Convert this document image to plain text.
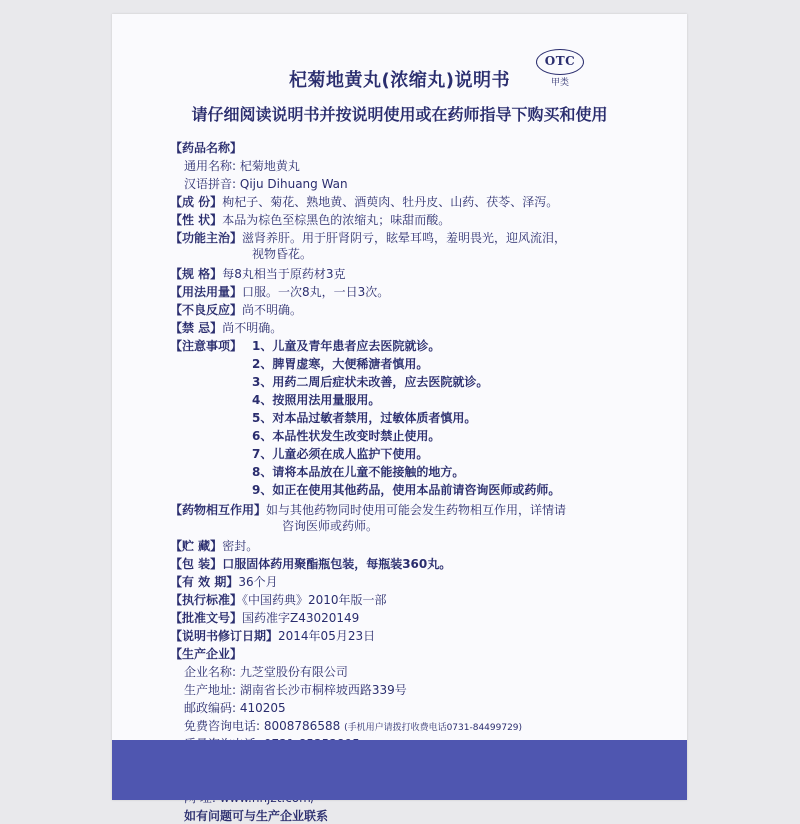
杞菊地黄丸(浓缩丸)说明书
OTC
甲类
请仔细阅读说明书并按说明使用或在药师指导下购买和使用
【药品名称】
通用名称: 杞菊地黄丸
汉语拼音: Qiju Dihuang Wan
【成 份】枸杞子、菊花、熟地黄、酒萸肉、牡丹皮、山药、茯苓、泽泻。
【性 状】本品为棕色至棕黑色的浓缩丸；味甜而酸。
【功能主治】滋肾养肝。用于肝肾阴亏，眩晕耳鸣，羞明畏光，迎风流泪，
视物昏花。
【规 格】每8丸相当于原药材3克
【用法用量】口服。一次8丸，一日3次。
【不良反应】尚不明确。
【禁 忌】尚不明确。
【注意事项】 1、儿童及青年患者应去医院就诊。
2、脾胃虚寒，大便稀溏者慎用。
3、用药二周后症状未改善，应去医院就诊。
4、按照用法用量服用。
5、对本品过敏者禁用，过敏体质者慎用。
6、本品性状发生改变时禁止使用。
7、儿童必须在成人监护下使用。
8、请将本品放在儿童不能接触的地方。
9、如正在使用其他药品，使用本品前请咨询医师或药师。
【药物相互作用】如与其他药物同时使用可能会发生药物相互作用，详情请
咨询医师或药师。
【贮 藏】密封。
【包 装】口服固体药用聚酯瓶包装，每瓶装360丸。
【有 效 期】36个月
【执行标准】《中国药典》2010年版一部
【批准文号】国药准字Z43020149
【说明书修订日期】2014年05月23日
【生产企业】
企业名称: 九芝堂股份有限公司
生产地址: 湖南省长沙市桐梓坡西路339号
邮政编码: 410205
免费咨询电话: 8008786588 (手机用户请拨打收费电话0731-84499729)
如有问题可与生产企业联系
